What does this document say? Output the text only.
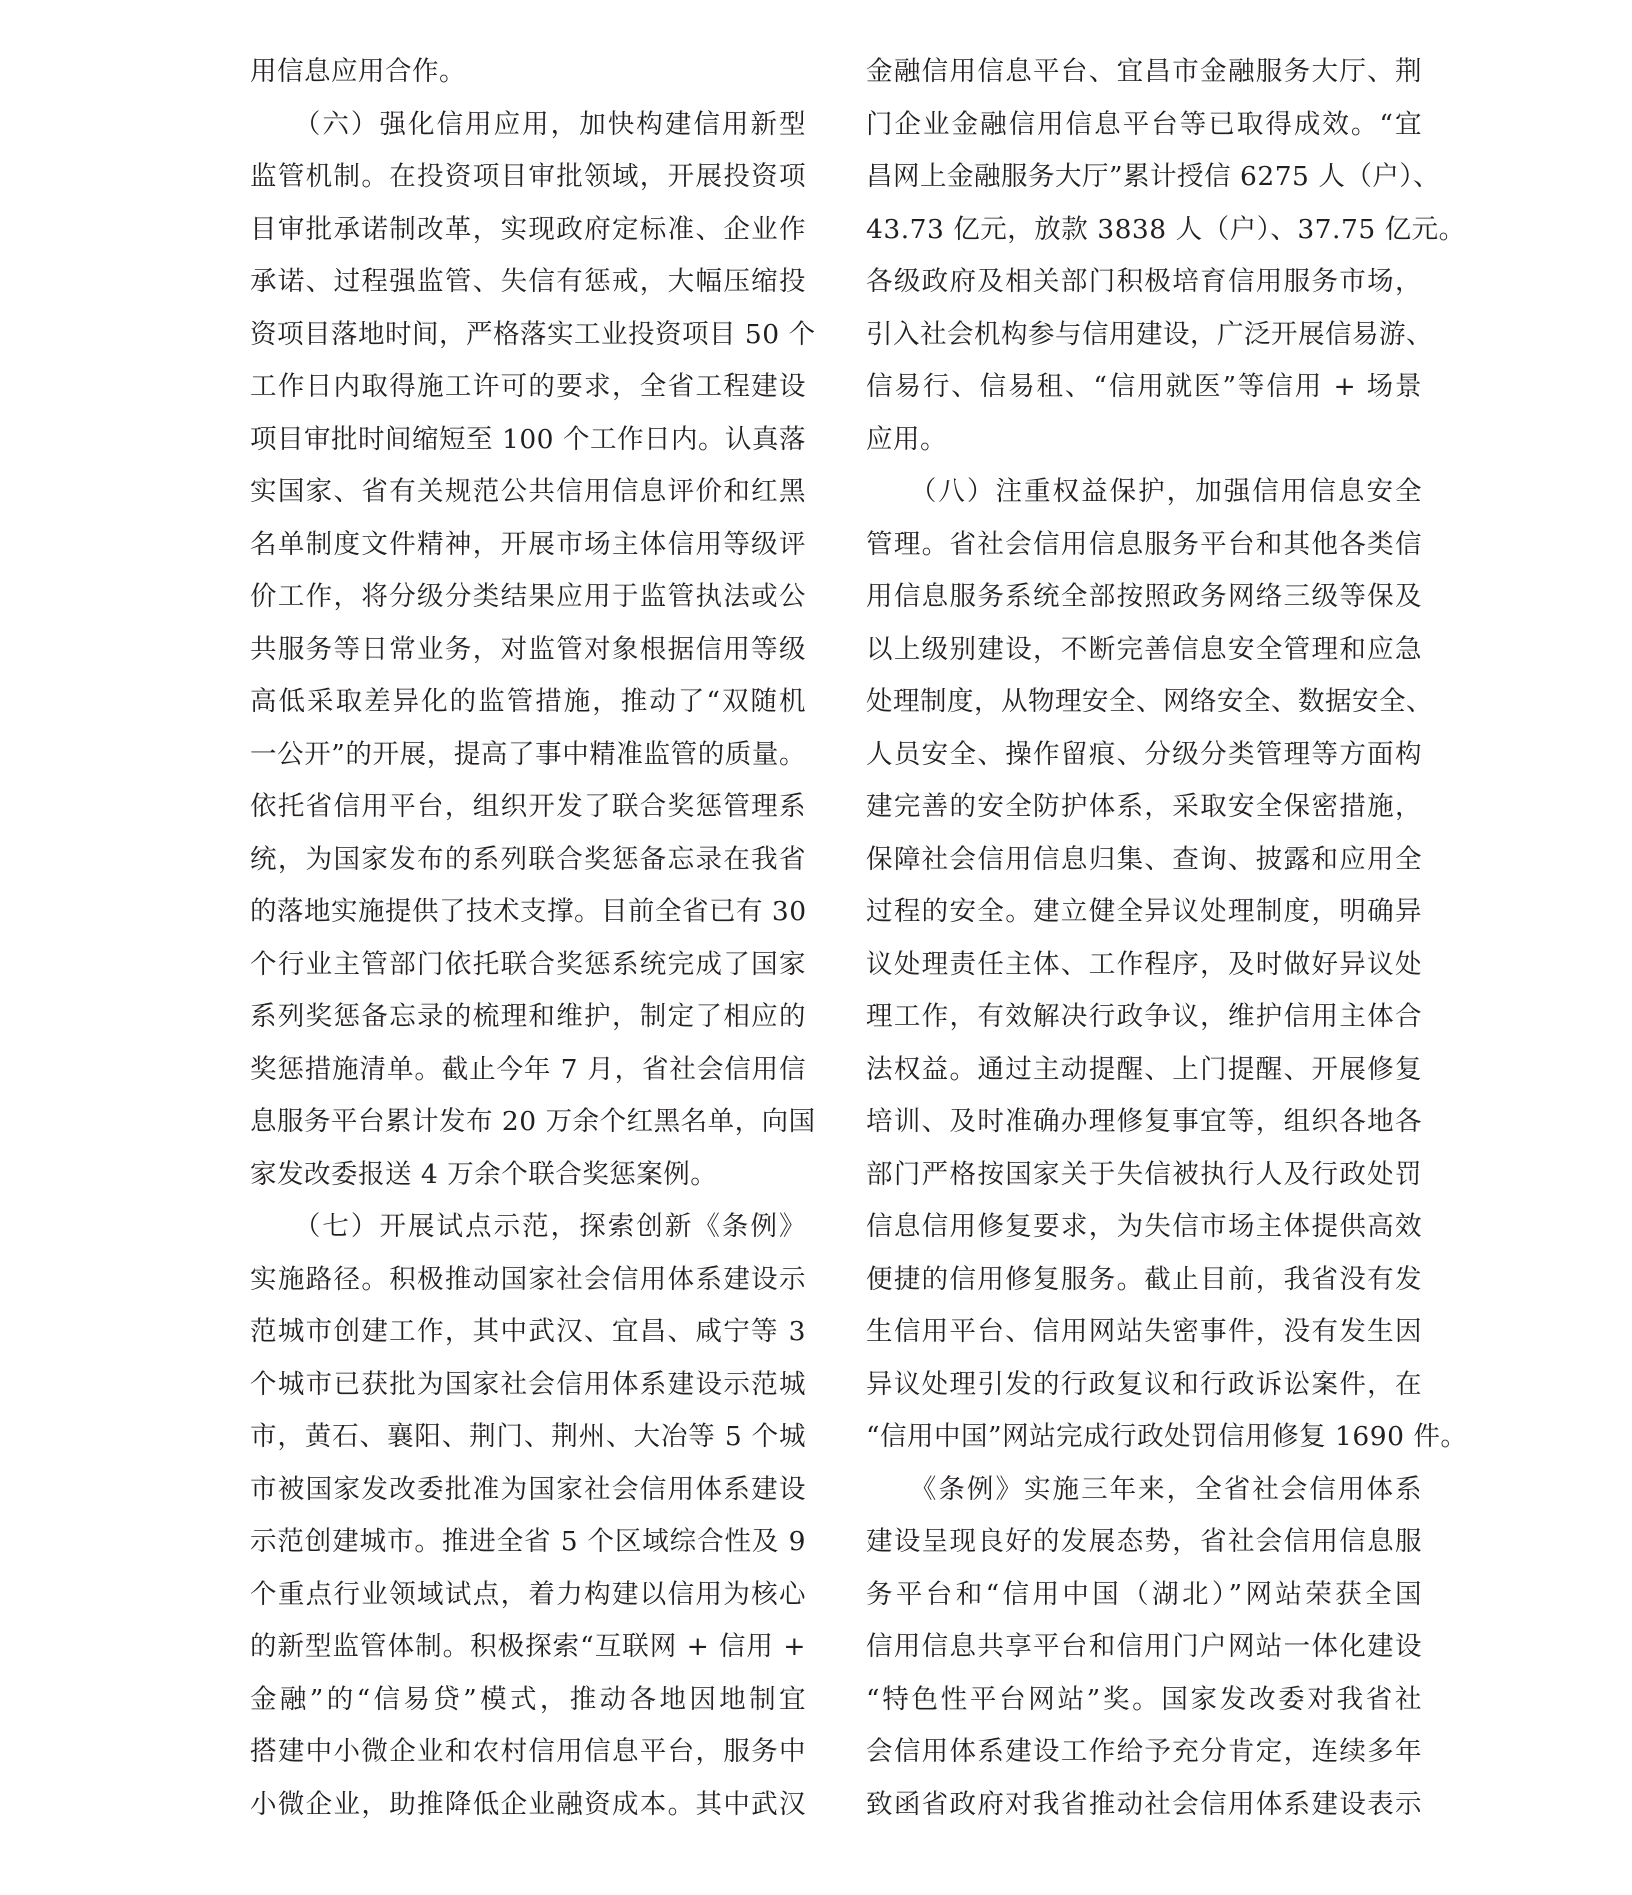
用信息应用合作。
　　（六）强化信用应用，加快构建信用新型
监管机制。在投资项目审批领域，开展投资项
目审批承诺制改革，实现政府定标准、企业作
承诺、过程强监管、失信有惩戒，大幅压缩投
资项目落地时间，严格落实工业投资项目 50 个
工作日内取得施工许可的要求，全省工程建设
项目审批时间缩短至 100 个工作日内。认真落
实国家、省有关规范公共信用信息评价和红黑
名单制度文件精神，开展市场主体信用等级评
价工作，将分级分类结果应用于监管执法或公
共服务等日常业务，对监管对象根据信用等级
高低采取差异化的监管措施，推动了“双随机
一公开”的开展，提高了事中精准监管的质量。
依托省信用平台，组织开发了联合奖惩管理系
统，为国家发布的系列联合奖惩备忘录在我省
的落地实施提供了技术支撑。目前全省已有 30
个行业主管部门依托联合奖惩系统完成了国家
系列奖惩备忘录的梳理和维护，制定了相应的
奖惩措施清单。截止今年 7 月，省社会信用信
息服务平台累计发布 20 万余个红黑名单，向国
家发改委报送 4 万余个联合奖惩案例。
　　（七）开展试点示范，探索创新《条例》
实施路径。积极推动国家社会信用体系建设示
范城市创建工作，其中武汉、宜昌、咸宁等 3
个城市已获批为国家社会信用体系建设示范城
市，黄石、襄阳、荆门、荆州、大冶等 5 个城
市被国家发改委批准为国家社会信用体系建设
示范创建城市。推进全省 5 个区域综合性及 9
个重点行业领域试点，着力构建以信用为核心
的新型监管体制。积极探索“互联网 + 信用 +
金融”的“信易贷”模式，推动各地因地制宜
搭建中小微企业和农村信用信息平台，服务中
小微企业，助推降低企业融资成本。其中武汉
金融信用信息平台、宜昌市金融服务大厅、荆
门企业金融信用信息平台等已取得成效。“宜
昌网上金融服务大厅”累计授信 6275 人（户）、
43.73 亿元，放款 3838 人（户）、37.75 亿元。
各级政府及相关部门积极培育信用服务市场，
引入社会机构参与信用建设，广泛开展信易游、
信易行、信易租、“信用就医”等信用 + 场景
应用。
　　（八）注重权益保护，加强信用信息安全
管理。省社会信用信息服务平台和其他各类信
用信息服务系统全部按照政务网络三级等保及
以上级别建设，不断完善信息安全管理和应急
处理制度，从物理安全、网络安全、数据安全、
人员安全、操作留痕、分级分类管理等方面构
建完善的安全防护体系，采取安全保密措施，
保障社会信用信息归集、查询、披露和应用全
过程的安全。建立健全异议处理制度，明确异
议处理责任主体、工作程序，及时做好异议处
理工作，有效解决行政争议，维护信用主体合
法权益。通过主动提醒、上门提醒、开展修复
培训、及时准确办理修复事宜等，组织各地各
部门严格按国家关于失信被执行人及行政处罚
信息信用修复要求，为失信市场主体提供高效
便捷的信用修复服务。截止目前，我省没有发
生信用平台、信用网站失密事件，没有发生因
异议处理引发的行政复议和行政诉讼案件，在
“信用中国”网站完成行政处罚信用修复 1690 件。
　　《条例》实施三年来，全省社会信用体系
建设呈现良好的发展态势，省社会信用信息服
务平台和“信用中国（湖北）”网站荣获全国
信用信息共享平台和信用门户网站一体化建设
“特色性平台网站”奖。国家发改委对我省社
会信用体系建设工作给予充分肯定，连续多年
致函省政府对我省推动社会信用体系建设表示
